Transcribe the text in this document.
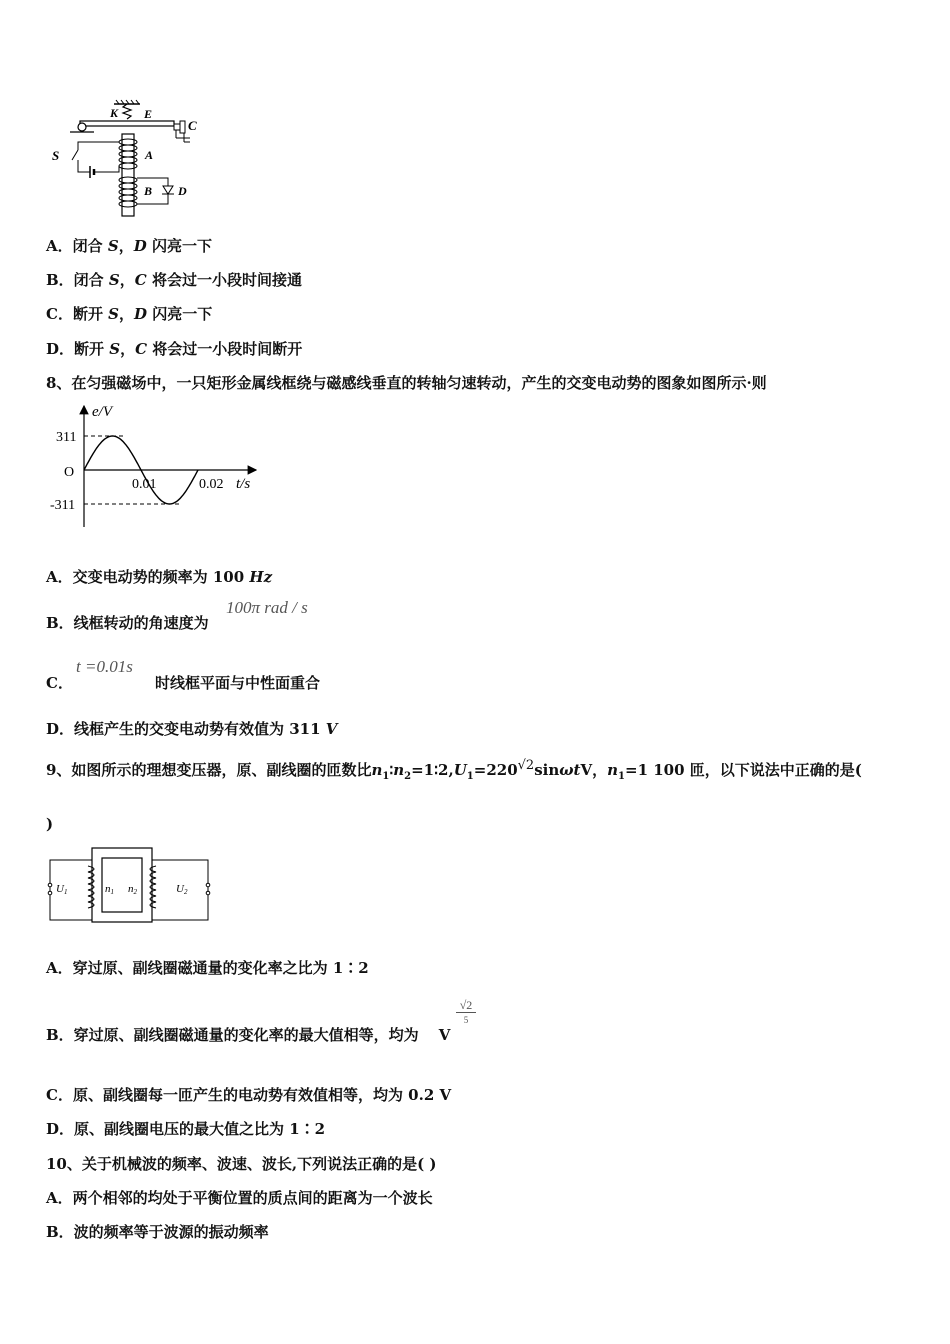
K E
C
S	A
B D
A．闭合 S，D 闪亮一下
B．闭合 S，C 将会过一小段时间接通
C．断开 S，D 闪亮一下
D．断开 S，C 将会过一小段时间断开
8、在匀强磁场中，一只矩形金属线框绕与磁感线垂直的转轴匀速转动，产生的交变电动势的图象如图所示·则
e/V
311
O
-311
0.01	0.02 t/s
A．交变电动势的频率为 100 Hz
B．线框转动的角速度为
100π rad / s
C．	时线框平面与中性面重合
t =0.01s
D．线框产生的交变电动势有效值为 311 V
9、如图所示的理想变压器，原、副线圈的匝数比$n_1∶n_2=1∶2,U_1=220√2\sin\omega tV$，$n_1=1$ 100 匝，以下说法中正确的是(
)
U1	n1 n2	U2
A．穿过原、副线圈磁通量的变化率之比为 1∶2
B．穿过原、副线圈磁通量的变化率的最大值相等，均为 V
√2
5
C．原、副线圈每一匝产生的电动势有效值相等，均为 0.2 V
D．原、副线圈电压的最大值之比为 1∶2
10、关于机械波的频率、波速、波长,下列说法正确的是( )
A．两个相邻的均处于平衡位置的质点间的距离为一个波长
B．波的频率等于波源的振动频率
